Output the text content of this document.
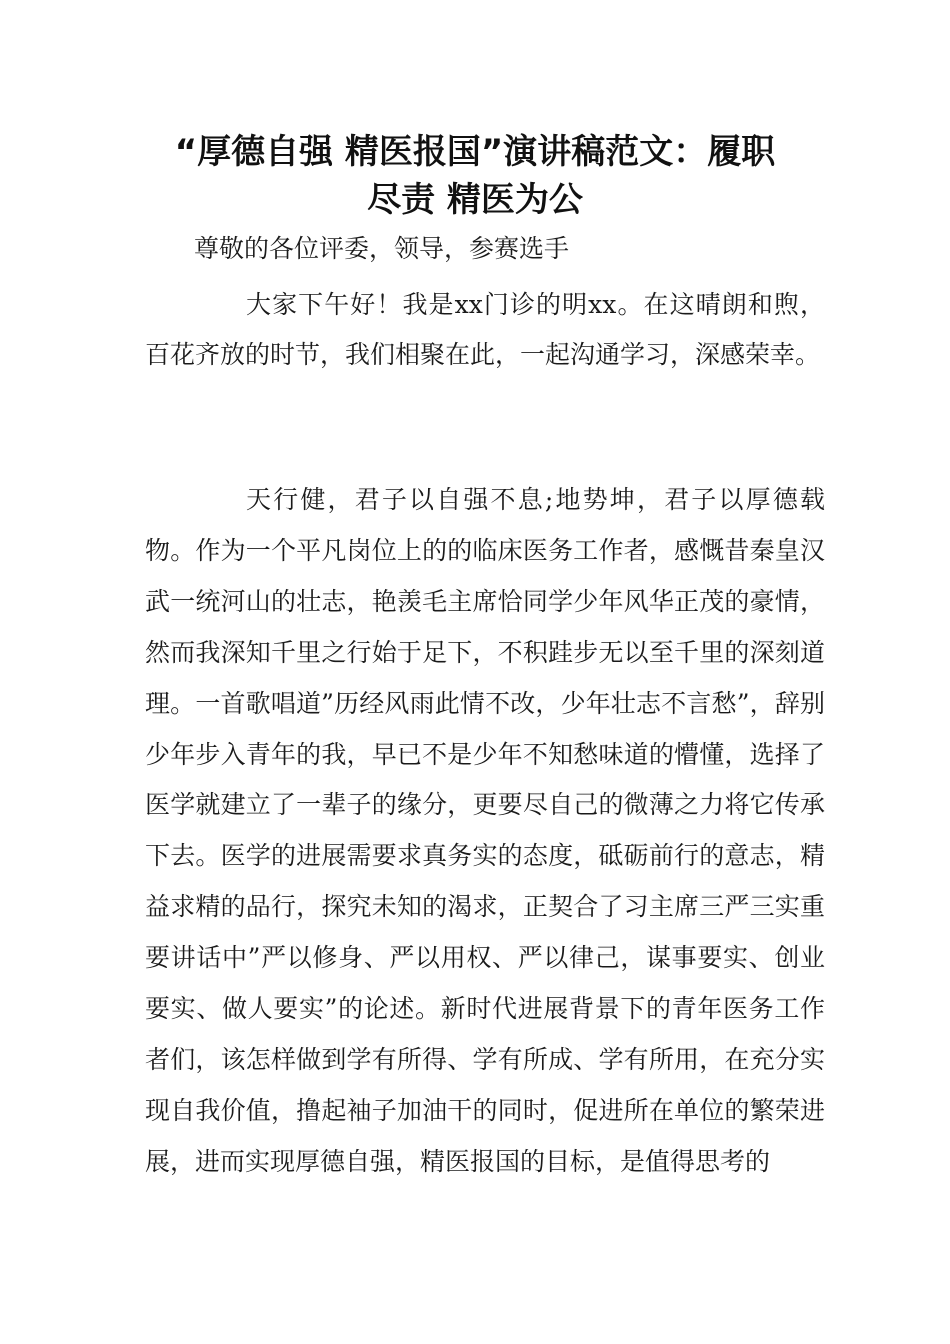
“厚德自强 精医报国”演讲稿范文：履职
尽责 精医为公

尊敬的各位评委，领导，参赛选手

大家下午好！我是xx门诊的明xx。在这晴朗和煦，百花齐放的时节，我们相聚在此，一起沟通学习，深感荣幸。

天行健，君子以自强不息;地势坤，君子以厚德载物。作为一个平凡岗位上的的临床医务工作者，感慨昔秦皇汉武一统河山的壮志，艳羡毛主席恰同学少年风华正茂的豪情，然而我深知千里之行始于足下，不积跬步无以至千里的深刻道理。一首歌唱道”历经风雨此情不改，少年壮志不言愁”，辞别少年步入青年的我，早已不是少年不知愁味道的懵懂，选择了医学就建立了一辈子的缘分，更要尽自己的微薄之力将它传承下去。医学的进展需要求真务实的态度，砥砺前行的意志，精益求精的品行，探究未知的渴求，正契合了习主席三严三实重要讲话中”严以修身、严以用权、严以律己，谋事要实、创业要实、做人要实”的论述。新时代进展背景下的青年医务工作者们，该怎样做到学有所得、学有所成、学有所用，在充分实现自我价值，撸起袖子加油干的同时，促进所在单位的繁荣进展，进而实现厚德自强，精医报国的目标，是值得思考的
